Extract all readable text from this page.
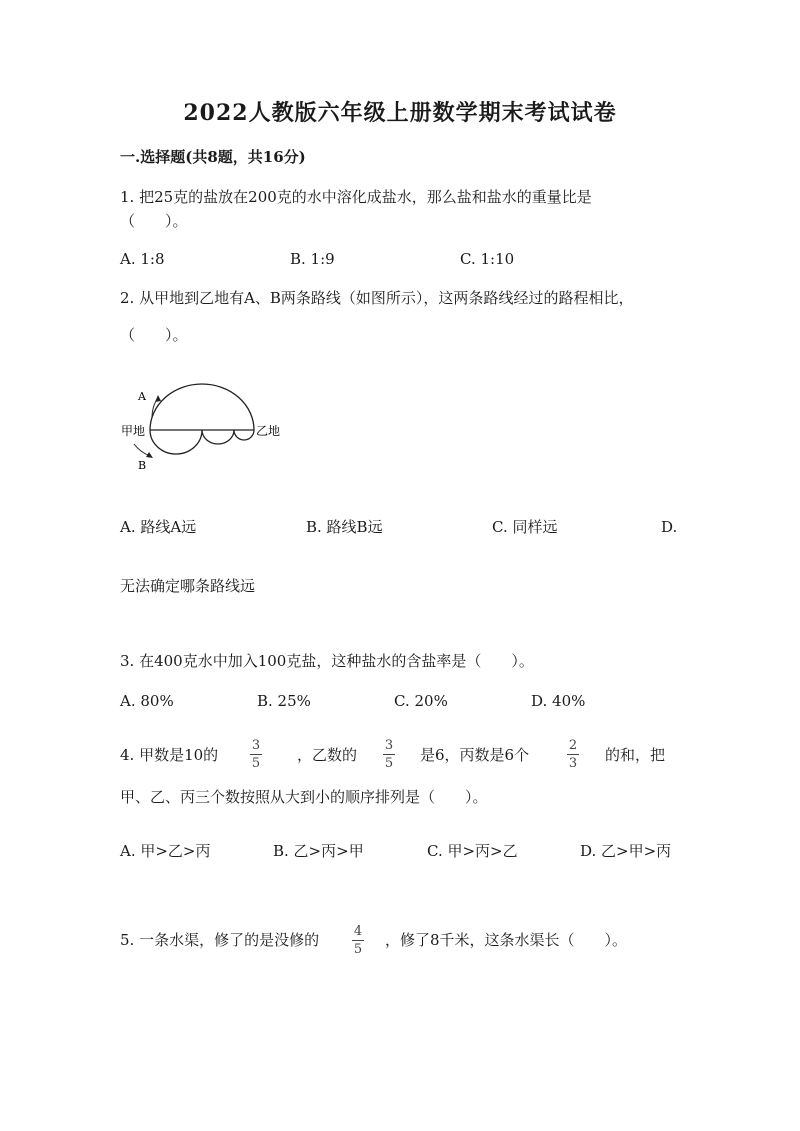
2022人教版六年级上册数学期末考试试卷
一.选择题(共8题，共16分)
1. 把25克的盐放在200克的水中溶化成盐水，那么盐和盐水的重量比是
（　　）。
A. 1:8	B. 1:9	C. 1:10
2. 从甲地到乙地有A、B两条路线（如图所示），这两条路线经过的路程相比，
（　　）。
A
B
甲地	乙地
A. 路线A远	B. 路线B远	C. 同样远	D.
无法确定哪条路线远
3. 在400克水中加入100克盐，这种盐水的含盐率是（　　）。
A. 80%	B. 25%	C. 20%	D. 40%
4. 甲数是10的
3
5 ，乙数的
3
5 是6，丙数是6个
2
3 的和，把
甲、乙、丙三个数按照从大到小的顺序排列是（　　）。
A. 甲>乙>丙	B. 乙>丙>甲	C. 甲>丙>乙	D. 乙>甲>丙
5. 一条水渠，修了的是没修的	4
5
，修了8千米，这条水渠长（　　）。
